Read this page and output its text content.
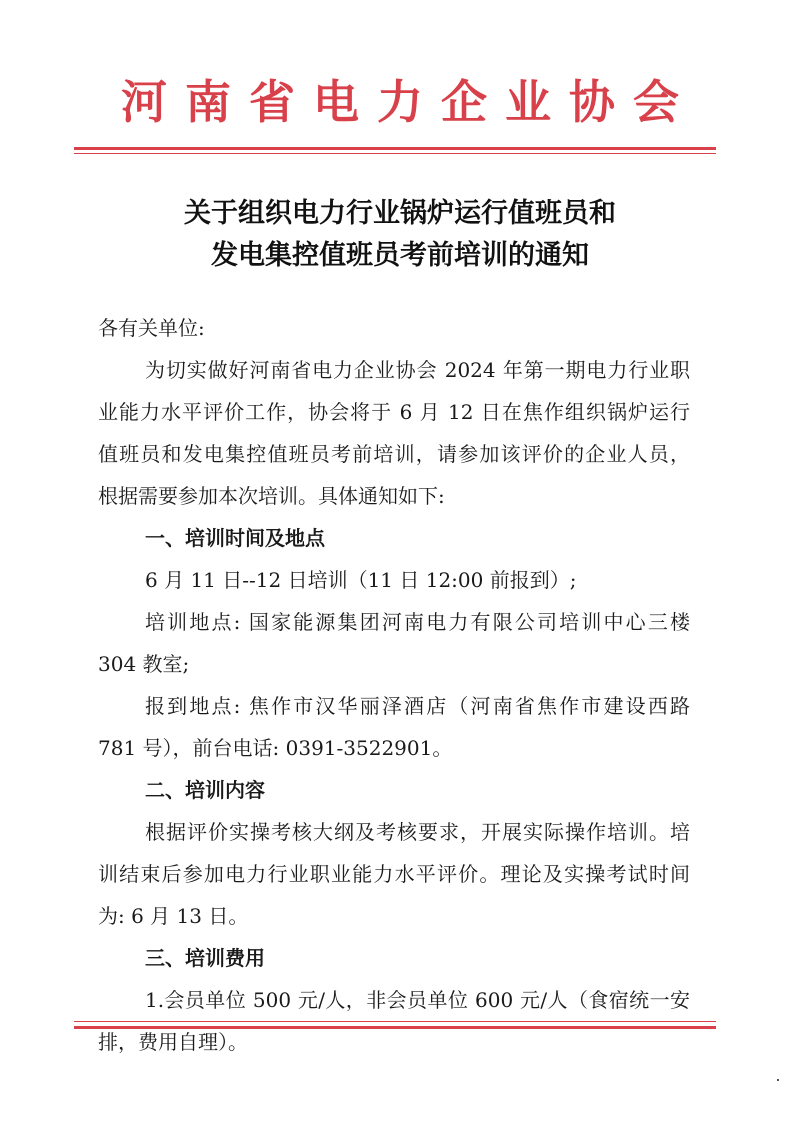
河南省电力企业协会
关于组织电力行业锅炉运行值班员和
发电集控值班员考前培训的通知
各有关单位:
为切实做好河南省电力企业协会 2024 年第一期电力行业职
业能力水平评价工作，协会将于 6 月 12 日在焦作组织锅炉运行
值班员和发电集控值班员考前培训，请参加该评价的企业人员，
根据需要参加本次培训。具体通知如下:
一、培训时间及地点
6 月 11 日--12 日培训（11 日 12:00 前报到）;
培训地点: 国家能源集团河南电力有限公司培训中心三楼
304 教室;
报到地点: 焦作市汉华丽泽酒店（河南省焦作市建设西路
781 号），前台电话: 0391-3522901。
二、培训内容
根据评价实操考核大纲及考核要求，开展实际操作培训。培
训结束后参加电力行业职业能力水平评价。理论及实操考试时间
为: 6 月 13 日。
三、培训费用
1.会员单位 500 元/人，非会员单位 600 元/人（食宿统一安
排，费用自理）。
